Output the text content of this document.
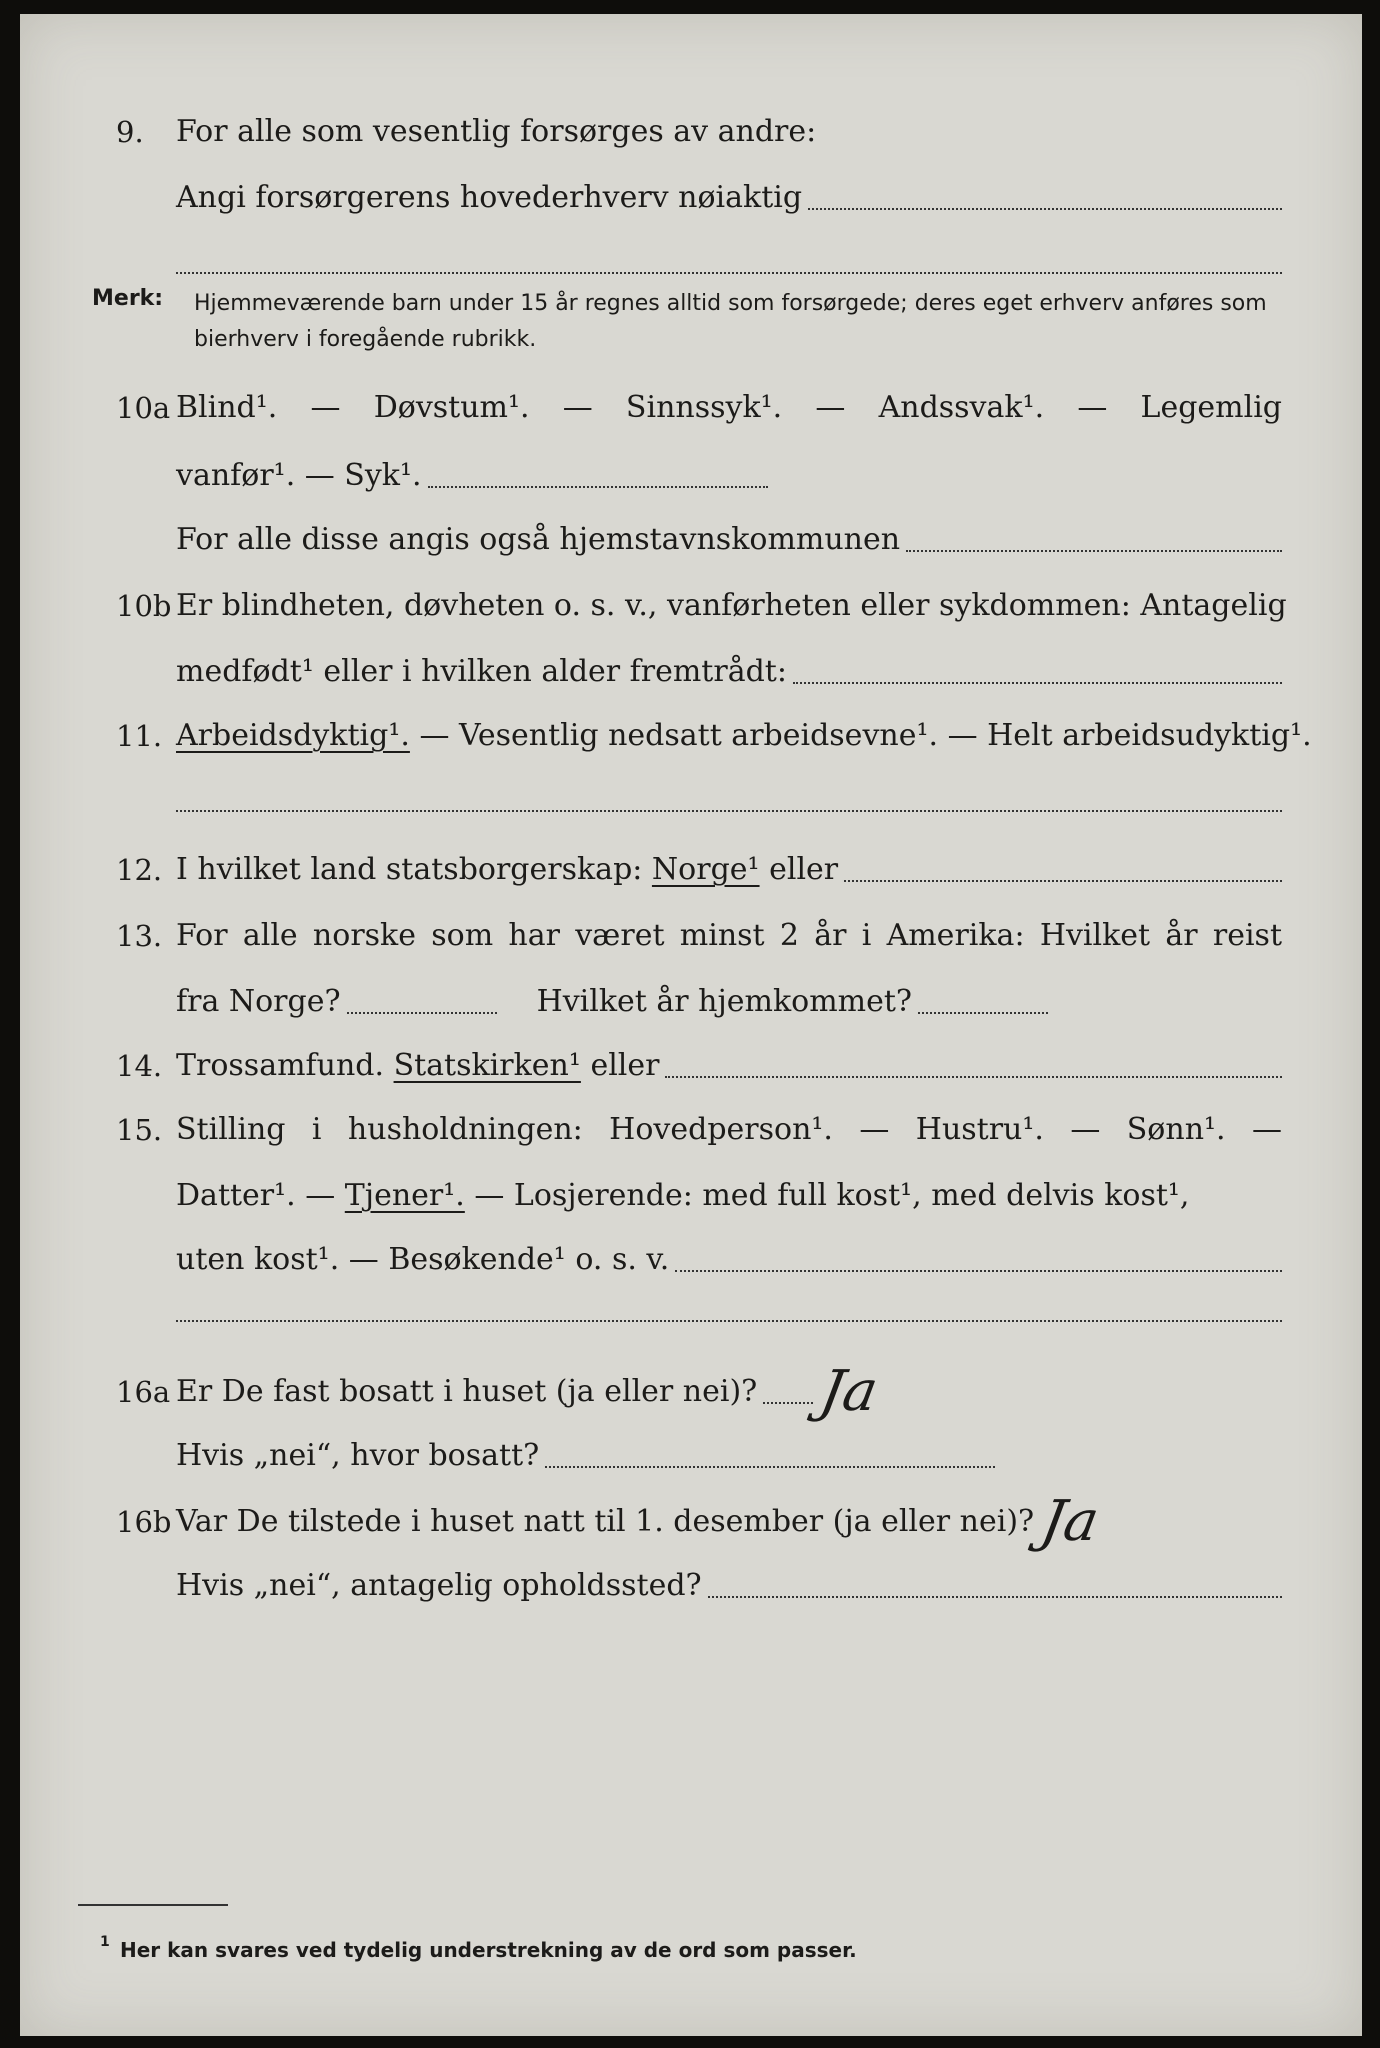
9. For alle som vesentlig forsørges av andre:
Angi forsørgerens hovederhverv nøiaktig
Merk: Hjemmeværende barn under 15 år regnes alltid som forsørgede; deres eget erhverv anføres som bierhverv i foregående rubrikk.
10a Blind¹. — Døvstum¹. — Sinnssyk¹. — Andssvak¹. — Legemlig
vanfør¹. — Syk¹.
For alle disse angis også hjemstavnskommunen
10b Er blindheten, døvheten o. s. v., vanførheten eller sykdommen: Antagelig
medfødt¹ eller i hvilken alder fremtrådt:
11. Arbeidsdyktig¹. — Vesentlig nedsatt arbeidsevne¹. — Helt arbeidsudyktig¹.
12. I hvilket land statsborgerskap: Norge¹ eller
13. For alle norske som har været minst 2 år i Amerika: Hvilket år reist
fra Norge?	Hvilket år hjemkommet?
14. Trossamfund. Statskirken¹ eller
15. Stilling i husholdningen: Hovedperson¹. — Hustru¹. — Sønn¹. —
Datter¹. — Tjener¹. — Losjerende: med full kost¹, med delvis kost¹,
uten kost¹. — Besøkende¹ o. s. v.
16a Er De fast bosatt i huset (ja eller nei)? Ja
Hvis „nei“, hvor bosatt?
16b Var De tilstede i huset natt til 1. desember (ja eller nei)? Ja
Hvis „nei“, antagelig opholdssted?
1 Her kan svares ved tydelig understrekning av de ord som passer.
